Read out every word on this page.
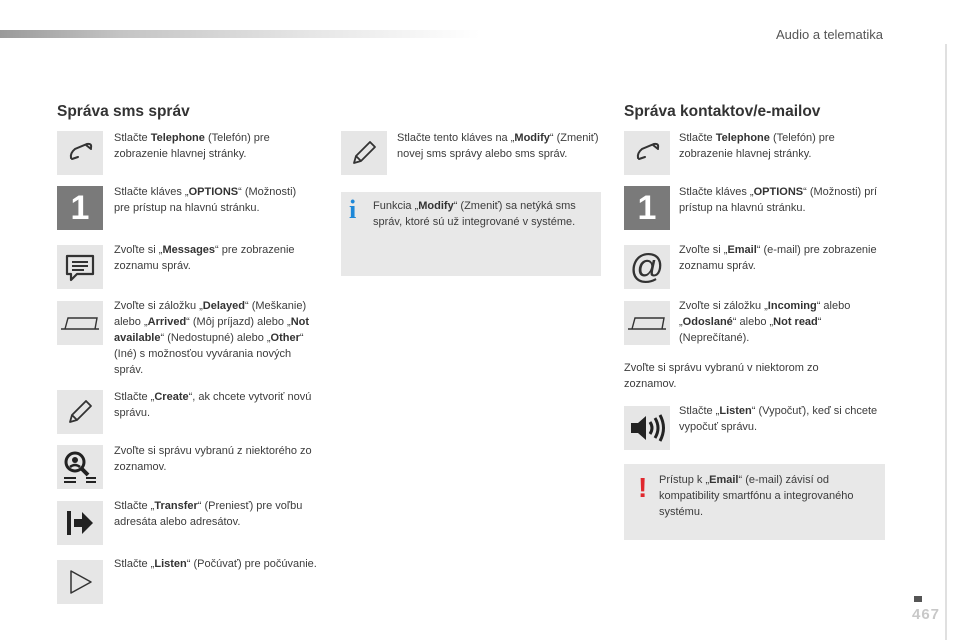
Audio a telematika
467
Správa sms správ
Stlačte Telephone (Telefón) pre zobrazenie hlavnej stránky.
1	Stlačte kláves „OPTIONS“ (Možnosti) pre prístup na hlavnú stránku.
Zvoľte si „Messages“ pre zobrazenie zoznamu správ.
Zvoľte si záložku „Delayed“ (Meškanie) alebo „Arrived“ (Môj príjazd) alebo „Not available“ (Nedostupné) alebo „Other“ (Iné) s možnosťou vyvárania nových správ.
Stlačte „Create“, ak chcete vytvoriť novú správu.
Zvoľte si správu vybranú z niektorého zo zoznamov.
Stlačte „Transfer“ (Preniesť) pre voľbu adresáta alebo adresátov.
Stlačte „Listen“ (Počúvať) pre počúvanie.
Stlačte tento kláves na „Modify“ (Zmeniť) novej sms správy alebo sms správ.
i Funkcia „Modify“ (Zmeniť) sa netýká sms správ, ktoré sú už integrované v systéme.
Správa kontaktov/e-mailov
Stlačte Telephone (Telefón) pre zobrazenie hlavnej stránky.
1	Stlačte kláves „OPTIONS“ (Možnosti) prí prístup na hlavnú stránku.
@ Zvoľte si „Email“ (e-mail) pre zobrazenie zoznamu správ.
Zvoľte si záložku „Incoming“ alebo „Odoslané“ alebo „Not read“ (Neprečítané).
Zvoľte si správu vybranú v niektorom zo zoznamov.
Stlačte „Listen“ (Vypočuť), keď si chcete vypočuť správu.
! Prístup k „Email“ (e-mail) závisí od kompatibility smartfónu a integrovaného systému.
